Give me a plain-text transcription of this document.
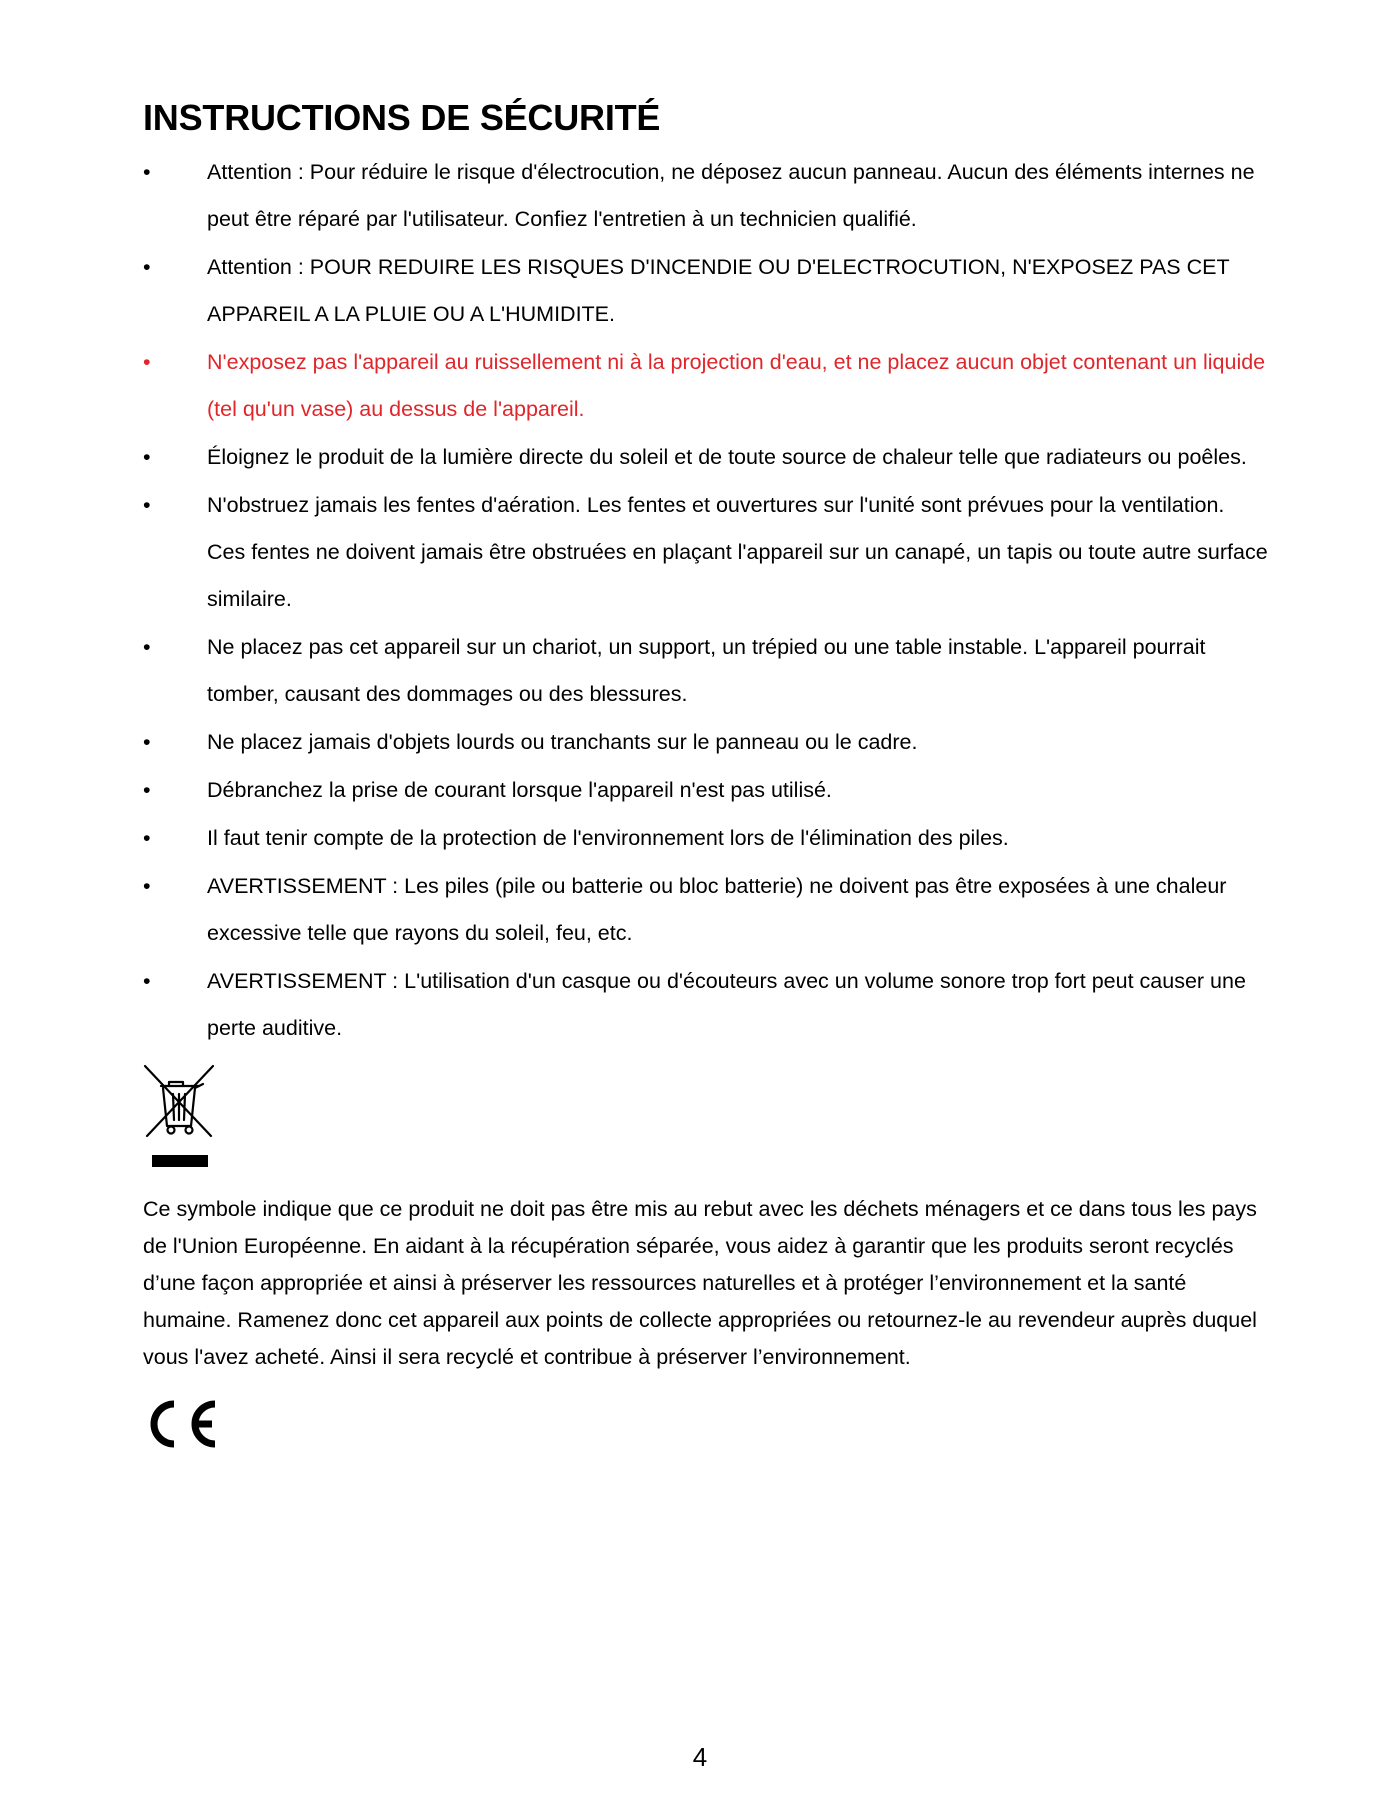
INSTRUCTIONS DE SÉCURITÉ
•	Attention : Pour réduire le risque d'électrocution, ne déposez aucun panneau. Aucun des éléments internes ne peut être réparé par l'utilisateur. Confiez l'entretien à un technicien qualifié.
•	Attention : POUR REDUIRE LES RISQUES D'INCENDIE OU D'ELECTROCUTION, N'EXPOSEZ PAS CET APPAREIL A LA PLUIE OU A L'HUMIDITE.
•	N'exposez pas l'appareil au ruissellement ni à la projection d'eau, et ne placez aucun objet contenant un liquide (tel qu'un vase) au dessus de l'appareil.
•	Éloignez le produit de la lumière directe du soleil et de toute source de chaleur telle que radiateurs ou poêles.
•	N'obstruez jamais les fentes d'aération. Les fentes et ouvertures sur l'unité sont prévues pour la ventilation. Ces fentes ne doivent jamais être obstruées en plaçant l'appareil sur un canapé, un tapis ou toute autre surface similaire.
•	Ne placez pas cet appareil sur un chariot, un support, un trépied ou une table instable. L'appareil pourrait tomber, causant des dommages ou des blessures.
•	Ne placez jamais d'objets lourds ou tranchants sur le panneau ou le cadre.
•	Débranchez la prise de courant lorsque l'appareil n'est pas utilisé.
•	Il faut tenir compte de la protection de l'environnement lors de l'élimination des piles.
•	AVERTISSEMENT : Les piles (pile ou batterie ou bloc batterie) ne doivent pas être exposées à une chaleur excessive telle que rayons du soleil, feu, etc.
•	AVERTISSEMENT : L'utilisation d'un casque ou d'écouteurs avec un volume sonore trop fort peut causer une perte auditive.

Ce symbole indique que ce produit ne doit pas être mis au rebut avec les déchets ménagers et ce dans tous les pays de l'Union Européenne. En aidant à la récupération séparée, vous aidez à garantir que les produits seront recyclés d’une façon appropriée et ainsi à préserver les ressources naturelles et à protéger l’environnement et la santé humaine. Ramenez donc cet appareil aux points de collecte appropriées ou retournez-le au revendeur auprès duquel vous l'avez acheté. Ainsi il sera recyclé et contribue à préserver l’environnement.

4
